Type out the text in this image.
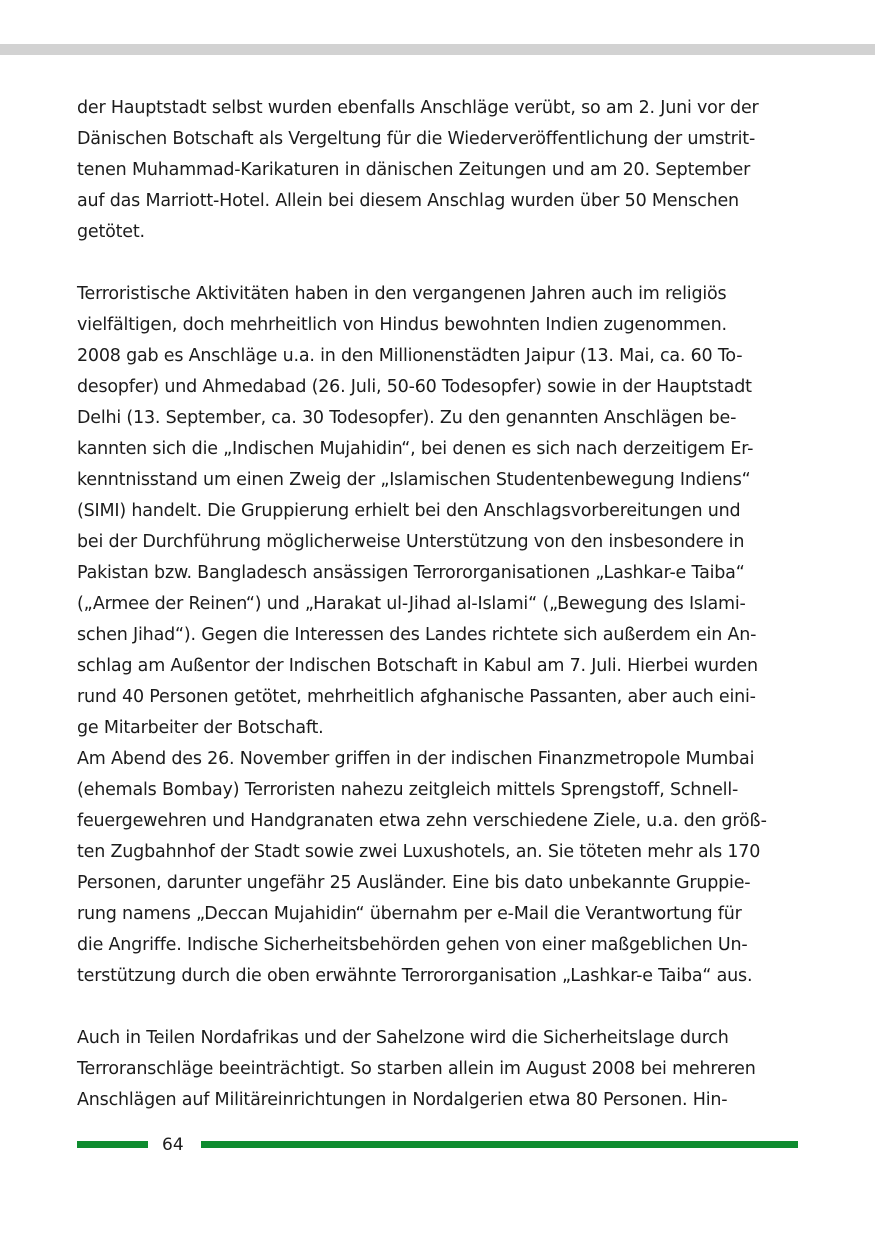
der Hauptstadt selbst wurden ebenfalls Anschläge verübt, so am 2. Juni vor der
Dänischen Botschaft als Vergeltung für die Wiederveröffentlichung der umstrit-
tenen Muhammad-Karikaturen in dänischen Zeitungen und am 20. September
auf das Marriott-Hotel. Allein bei diesem Anschlag wurden über 50 Menschen
getötet.
Terroristische Aktivitäten haben in den vergangenen Jahren auch im religiös
vielfältigen, doch mehrheitlich von Hindus bewohnten Indien zugenommen.
2008 gab es Anschläge u.a. in den Millionenstädten Jaipur (13. Mai, ca. 60 To-
desopfer) und Ahmedabad (26. Juli, 50-60 Todesopfer) sowie in der Hauptstadt
Delhi (13. September, ca. 30 Todesopfer). Zu den genannten Anschlägen be-
kannten sich die „Indischen Mujahidin“, bei denen es sich nach derzeitigem Er-
kenntnisstand um einen Zweig der „Islamischen Studentenbewegung Indiens“
(SIMI) handelt. Die Gruppierung erhielt bei den Anschlagsvorbereitungen und
bei der Durchführung möglicherweise Unterstützung von den insbesondere in
Pakistan bzw. Bangladesch ansässigen Terrororganisationen „Lashkar-e Taiba“
(„Armee der Reinen“) und „Harakat ul-Jihad al-Islami“ („Bewegung des Islami-
schen Jihad“). Gegen die Interessen des Landes richtete sich außerdem ein An-
schlag am Außentor der Indischen Botschaft in Kabul am 7. Juli. Hierbei wurden
rund 40 Personen getötet, mehrheitlich afghanische Passanten, aber auch eini-
ge Mitarbeiter der Botschaft.
Am Abend des 26. November griffen in der indischen Finanzmetropole Mumbai
(ehemals Bombay) Terroristen nahezu zeitgleich mittels Sprengstoff, Schnell-
feuergewehren und Handgranaten etwa zehn verschiedene Ziele, u.a. den größ-
ten Zugbahnhof der Stadt sowie zwei Luxushotels, an. Sie töteten mehr als 170
Personen, darunter ungefähr 25 Ausländer. Eine bis dato unbekannte Gruppie-
rung namens „Deccan Mujahidin“ übernahm per e-Mail die Verantwortung für
die Angriffe. Indische Sicherheitsbehörden gehen von einer maßgeblichen Un-
terstützung durch die oben erwähnte Terrororganisation „Lashkar-e Taiba“ aus.
Auch in Teilen Nordafrikas und der Sahelzone wird die Sicherheitslage durch
Terroranschläge beeinträchtigt. So starben allein im August 2008 bei mehreren
Anschlägen auf Militäreinrichtungen in Nordalgerien etwa 80 Personen. Hin-
64
